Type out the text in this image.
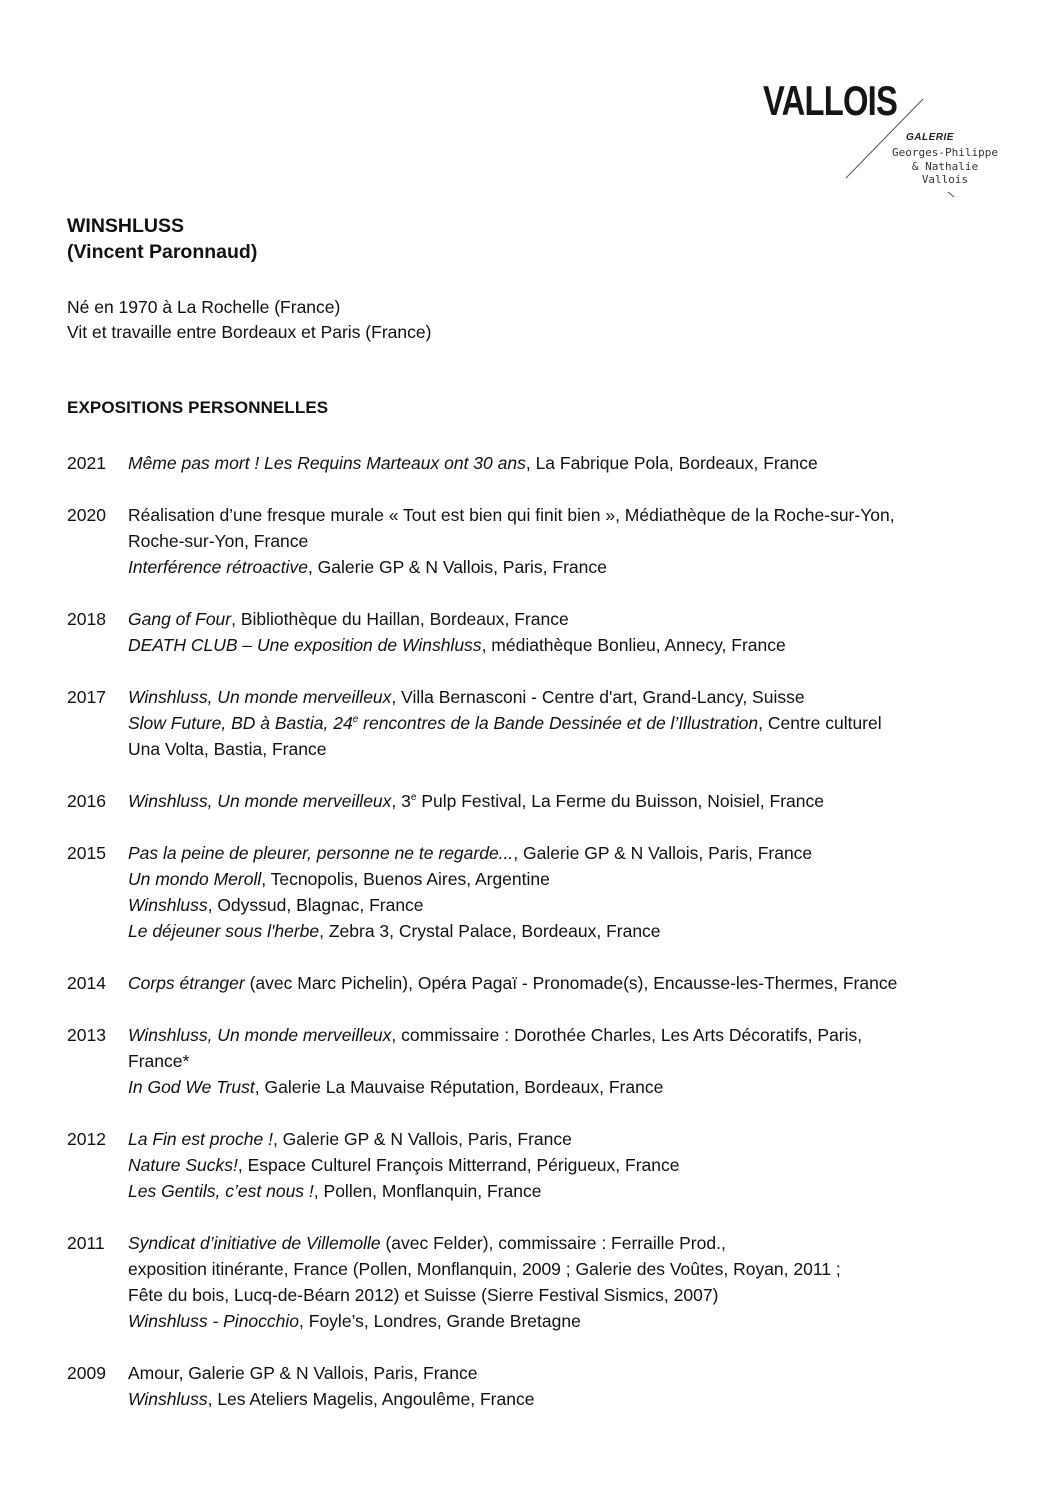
VALLOIS
GALERIE
Georges-Philippe
& Nathalie
Vallois
WINSHLUSS
(Vincent Paronnaud)
Né en 1970 à La Rochelle (France)
Vit et travaille entre Bordeaux et Paris (France)
EXPOSITIONS PERSONNELLES
2021	Même pas mort ! Les Requins Marteaux ont 30 ans, La Fabrique Pola, Bordeaux, France
2020	Réalisation d’une fresque murale « Tout est bien qui finit bien », Médiathèque de la Roche-sur-Yon,
Roche-sur-Yon, France
Interférence rétroactive, Galerie GP & N Vallois, Paris, France
2018	Gang of Four, Bibliothèque du Haillan, Bordeaux, France
DEATH CLUB – Une exposition de Winshluss, médiathèque Bonlieu, Annecy, France
2017	Winshluss, Un monde merveilleux, Villa Bernasconi - Centre d'art, Grand-Lancy, Suisse
Slow Future, BD à Bastia, 24e rencontres de la Bande Dessinée et de l’Illustration, Centre culturel
Una Volta, Bastia, France
2016	Winshluss, Un monde merveilleux, 3e Pulp Festival, La Ferme du Buisson, Noisiel, France
2015	Pas la peine de pleurer, personne ne te regarde..., Galerie GP & N Vallois, Paris, France
Un mondo Meroll, Tecnopolis, Buenos Aires, Argentine
Winshluss, Odyssud, Blagnac, France
Le déjeuner sous l'herbe, Zebra 3, Crystal Palace, Bordeaux, France
2014	Corps étranger (avec Marc Pichelin), Opéra Pagaï - Pronomade(s), Encausse-les-Thermes, France
2013	Winshluss, Un monde merveilleux, commissaire : Dorothée Charles, Les Arts Décoratifs, Paris,
France*
In God We Trust, Galerie La Mauvaise Réputation, Bordeaux, France
2012	La Fin est proche !, Galerie GP & N Vallois, Paris, France
Nature Sucks!, Espace Culturel François Mitterrand, Périgueux, France
Les Gentils, c’est nous !, Pollen, Monflanquin, France
2011	Syndicat d’initiative de Villemolle (avec Felder), commissaire : Ferraille Prod.,
exposition itinérante, France (Pollen, Monflanquin, 2009 ; Galerie des Voûtes, Royan, 2011 ;
Fête du bois, Lucq-de-Béarn 2012) et Suisse (Sierre Festival Sismics, 2007)
Winshluss - Pinocchio, Foyle’s, Londres, Grande Bretagne
2009	Amour, Galerie GP & N Vallois, Paris, France
Winshluss, Les Ateliers Magelis, Angoulême, France
